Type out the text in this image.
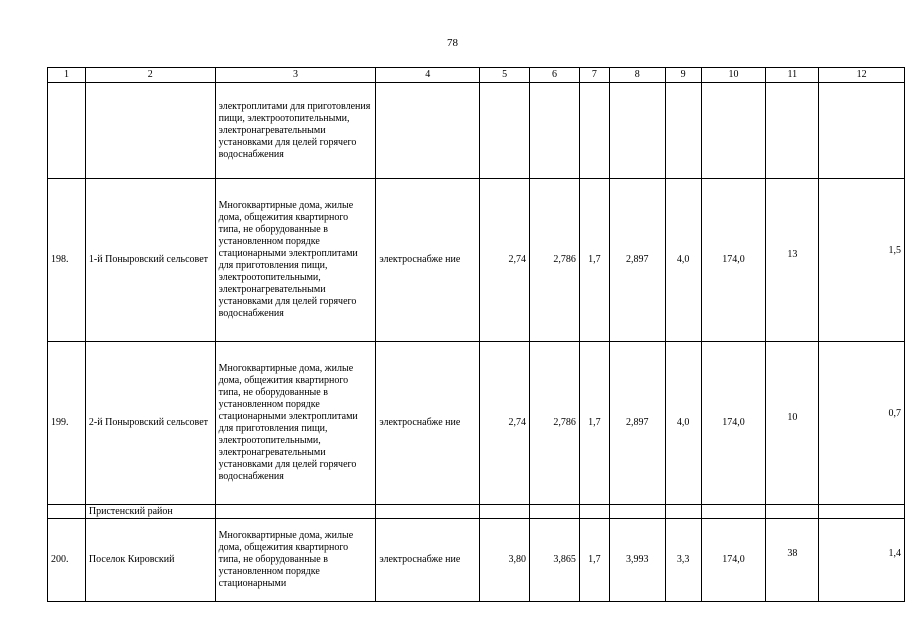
78
1	2	3	4	5	6	7	8	9	10	11	12
		электроплитами для приготовления пищи, электроотопительными, электронагревательными установками для целей горячего водоснабжения									
198.	1-й Поныровский сельсовет	Многоквартирные дома, жилые дома, общежития квартирного типа, не оборудованные в установленном порядке стационарными электроплитами для приготовления пищи, электроотопительными, электронагревательными установками для целей горячего водоснабжения	электроснабже ние	2,74	2,786	1,7	2,897	4,0	174,0	13	1,5
199.	2-й Поныровский сельсовет	Многоквартирные дома, жилые дома, общежития квартирного типа, не оборудованные в установленном порядке стационарными электроплитами для приготовления пищи, электроотопительными, электронагревательными установками для целей горячего водоснабжения	электроснабже ние	2,74	2,786	1,7	2,897	4,0	174,0	10	0,7
	Пристенский район										
200.	Поселок Кировский	Многоквартирные дома, жилые дома, общежития квартирного типа, не оборудованные в установленном порядке стационарными	электроснабже ние	3,80	3,865	1,7	3,993	3,3	174,0	38	1,4
